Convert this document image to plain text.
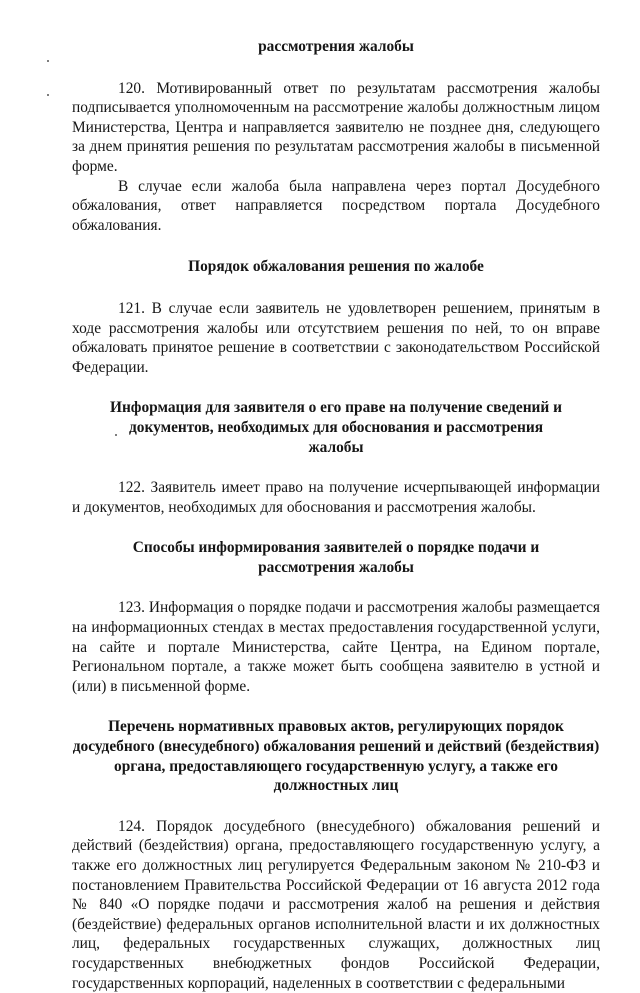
рассмотрения жалобы

120. Мотивированный ответ по результатам рассмотрения жалобы подписывается уполномоченным на рассмотрение жалобы должностным лицом Министерства, Центра и направляется заявителю не позднее дня, следующего за днем принятия решения по результатам рассмотрения жалобы в письменной форме.

В случае если жалоба была направлена через портал Досудебного обжалования, ответ направляется посредством портала Досудебного обжалования.

Порядок обжалования решения по жалобе

121. В случае если заявитель не удовлетворен решением, принятым в ходе рассмотрения жалобы или отсутствием решения по ней, то он вправе обжаловать принятое решение в соответствии с законодательством Российской Федерации.

Информация для заявителя о его праве на получение сведений и документов, необходимых для обоснования и рассмотрения жалобы

122. Заявитель имеет право на получение исчерпывающей информации и документов, необходимых для обоснования и рассмотрения жалобы.

Способы информирования заявителей о порядке подачи и рассмотрения жалобы

123. Информация о порядке подачи и рассмотрения жалобы размещается на информационных стендах в местах предоставления государственной услуги, на сайте и портале Министерства, сайте Центра, на Едином портале, Региональном портале, а также может быть сообщена заявителю в устной и (или) в письменной форме.

Перечень нормативных правовых актов, регулирующих порядок досудебного (внесудебного) обжалования решений и действий (бездействия) органа, предоставляющего государственную услугу, а также его должностных лиц

124. Порядок досудебного (внесудебного) обжалования решений и действий (бездействия) органа, предоставляющего государственную услугу, а также его должностных лиц регулируется Федеральным законом № 210-ФЗ и постановлением Правительства Российской Федерации от 16 августа 2012 года № 840 «О порядке подачи и рассмотрения жалоб на решения и действия (бездействие) федеральных органов исполнительной власти и их должностных лиц, федеральных государственных служащих, должностных лиц государственных внебюджетных фондов Российской Федерации, государственных корпораций, наделенных в соответствии с федеральными
